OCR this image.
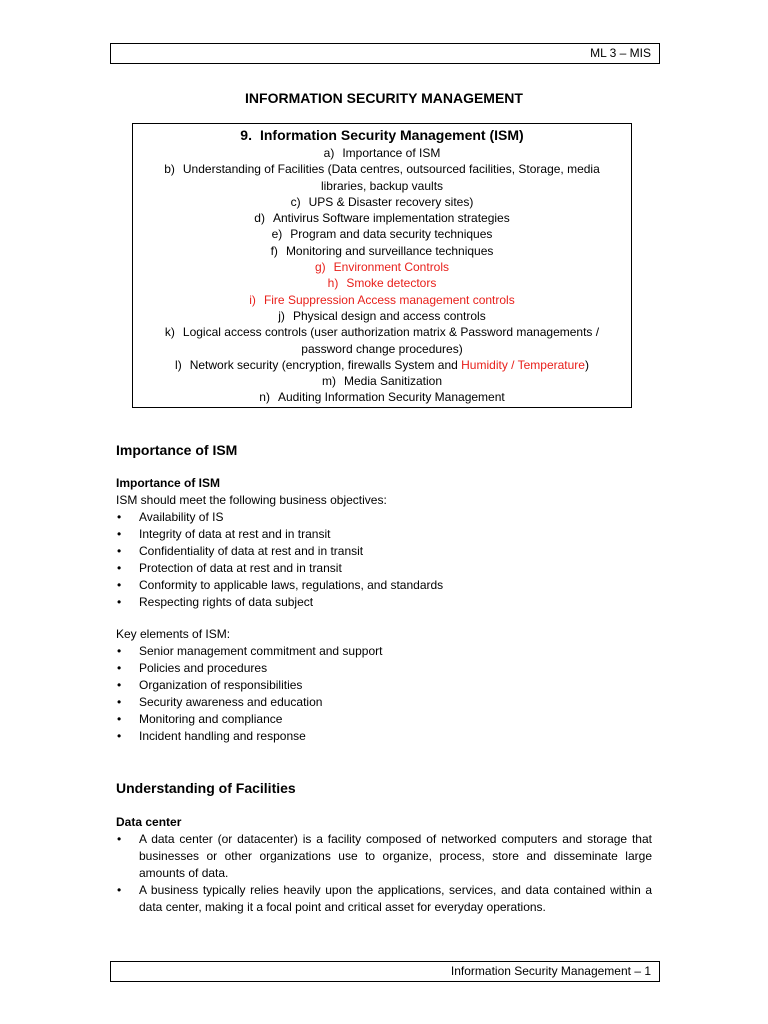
ML 3 – MIS
INFORMATION SECURITY MANAGEMENT
9. Information Security Management (ISM)
a) Importance of ISM
b) Understanding of Facilities (Data centres, outsourced facilities, Storage, media libraries, backup vaults
c) UPS & Disaster recovery sites)
d) Antivirus Software implementation strategies
e) Program and data security techniques
f) Monitoring and surveillance techniques
g) Environment Controls
h) Smoke detectors
i) Fire Suppression Access management controls
j) Physical design and access controls
k) Logical access controls (user authorization matrix & Password managements / password change procedures)
l) Network security (encryption, firewalls System and Humidity / Temperature)
m) Media Sanitization
n) Auditing Information Security Management
Importance of ISM
Importance of ISM
ISM should meet the following business objectives:
• Availability of IS
• Integrity of data at rest and in transit
• Confidentiality of data at rest and in transit
• Protection of data at rest and in transit
• Conformity to applicable laws, regulations, and standards
• Respecting rights of data subject
Key elements of ISM:
• Senior management commitment and support
• Policies and procedures
• Organization of responsibilities
• Security awareness and education
• Monitoring and compliance
• Incident handling and response
Understanding of Facilities
Data center
• A data center (or datacenter) is a facility composed of networked computers and storage that businesses or other organizations use to organize, process, store and disseminate large amounts of data.
• A business typically relies heavily upon the applications, services, and data contained within a data center, making it a focal point and critical asset for everyday operations.
Information Security Management – 1
